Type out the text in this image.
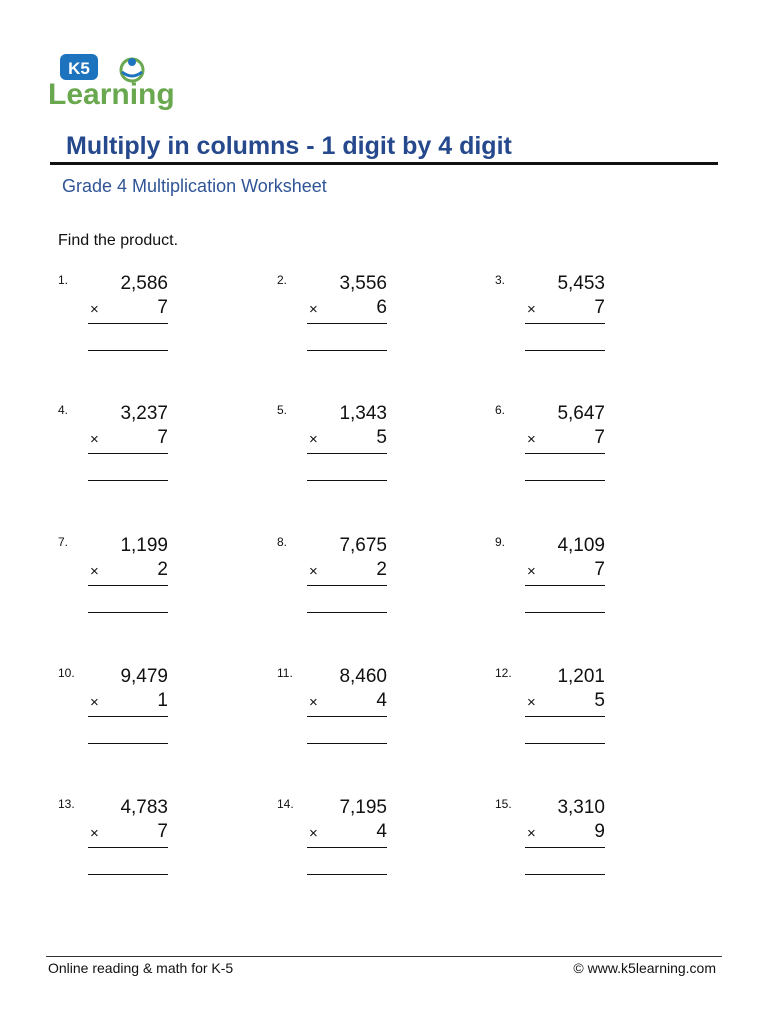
K5
Learning
Multiply in columns - 1 digit by 4 digit
Grade 4 Multiplication Worksheet
Find the product.
1.	2,586
×	7
2.	3,556
×	6
3.	5,453
×	7
4.	3,237
×	7
5.	1,343
×	5
6.	5,647
×	7
7.	1,199
×	2
8.	7,675
×	2
9.	4,109
×	7
10. 9,479
×	1
11. 8,460
×	4
12. 1,201
×	5
13. 4,783
×	7
14. 7,195
×	4
15. 3,310
×	9
Online reading & math for K-5	© www.k5learning.com
